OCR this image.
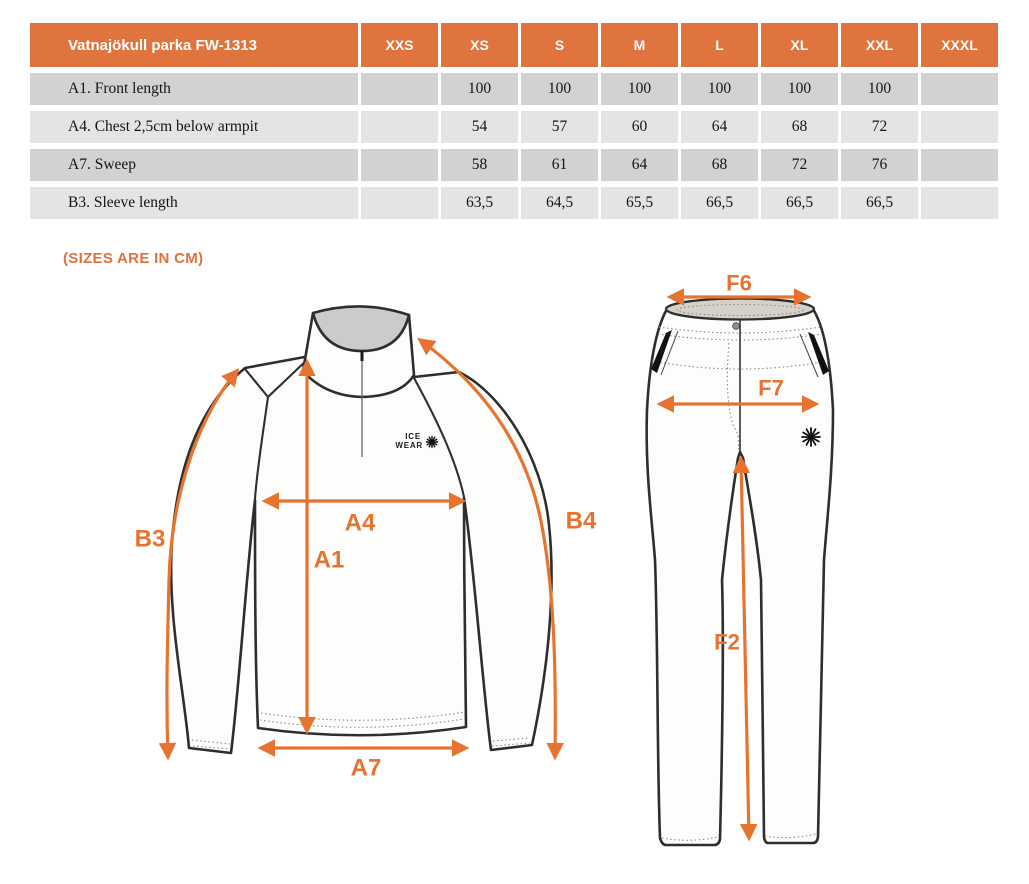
Vatnajökull parka FW-1313	XXS	XS	S	M	L	XL	XXL	XXXL
A1. Front length		100	100	100	100	100	100	
A4. Chest 2,5cm below armpit		54	57	60	64	68	72	
A7. Sweep		58	61	64	68	72	76	
B3. Sleeve length		63,5	64,5	65,5	66,5	66,5	66,5	
(SIZES ARE IN CM)
ICE
WEAR
A4
A1
A7
B3
B4
F6
F7
F2
